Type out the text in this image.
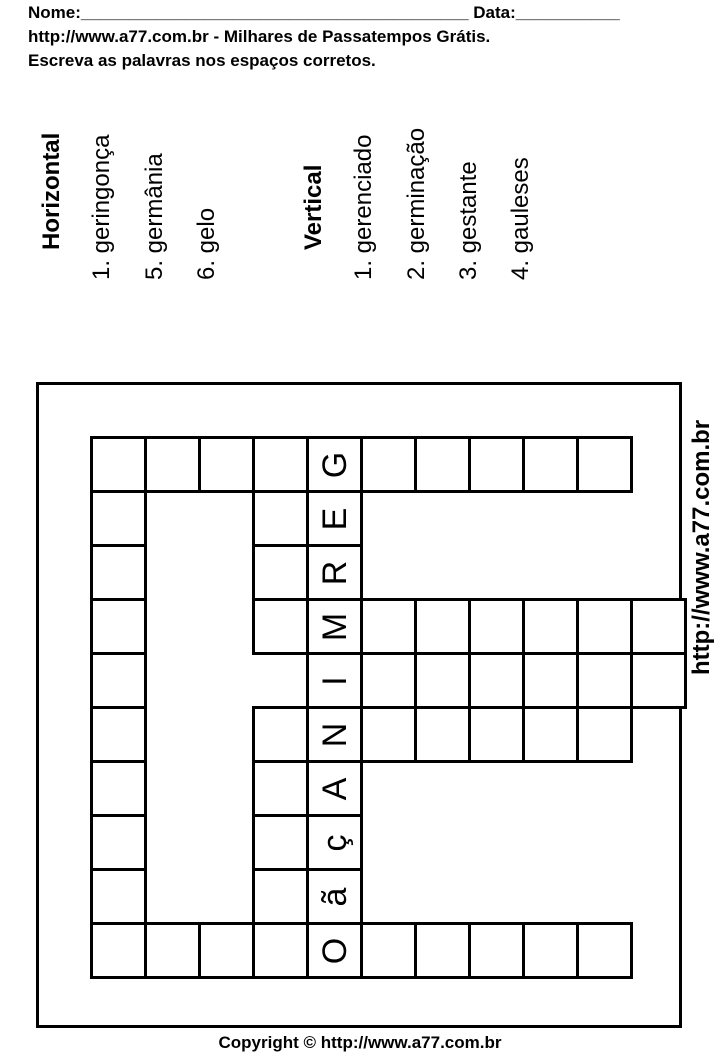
Nome:_________________________________________ Data:___________
http://www.a77.com.br - Milhares de Passatempos Grátis.
Escreva as palavras nos espaços corretos.
Horizontal 1. geringonça 5. germânia 6. gelo	Vertical 1. gerenciado 2. germinação 3. gestante 4. gauleses
G
E
R
M
I
N
A
ç
ã
O
http://www.a77.com.br
Copyright © http://www.a77.com.br
